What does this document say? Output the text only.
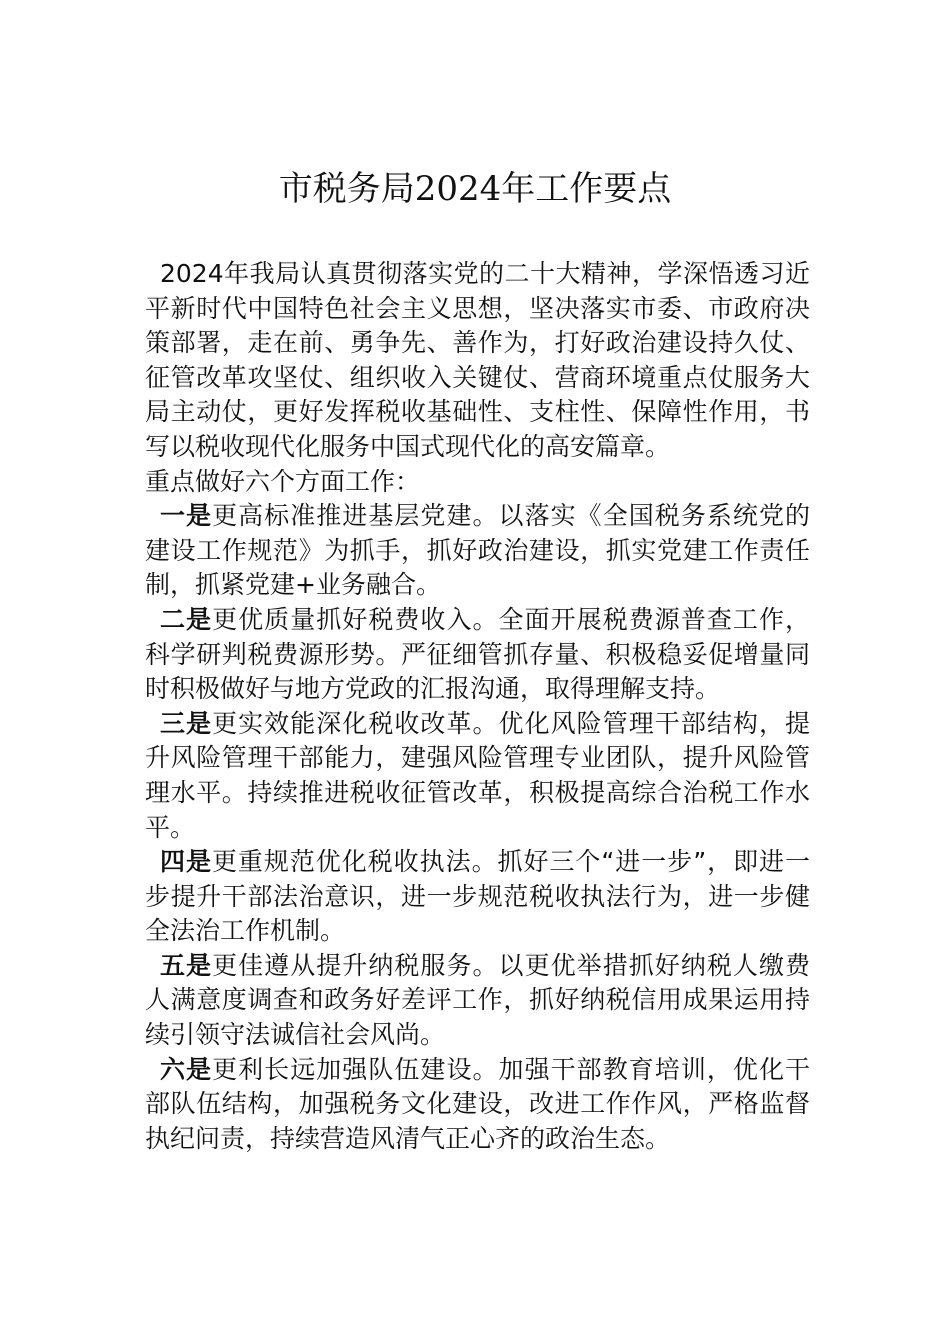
市税务局2024年工作要点

2024年我局认真贯彻落实党的二十大精神，学深悟透习近平新时代中国特色社会主义思想，坚决落实市委、市政府决策部署，走在前、勇争先、善作为，打好政治建设持久仗、征管改革攻坚仗、组织收入关键仗、营商环境重点仗服务大局主动仗，更好发挥税收基础性、支柱性、保障性作用，书写以税收现代化服务中国式现代化的高安篇章。

重点做好六个方面工作：

一是更高标准推进基层党建。以落实《全国税务系统党的建设工作规范》为抓手，抓好政治建设，抓实党建工作责任制，抓紧党建+业务融合。

二是更优质量抓好税费收入。全面开展税费源普查工作，科学研判税费源形势。严征细管抓存量、积极稳妥促增量同时积极做好与地方党政的汇报沟通，取得理解支持。

三是更实效能深化税收改革。优化风险管理干部结构，提升风险管理干部能力，建强风险管理专业团队，提升风险管理水平。持续推进税收征管改革，积极提高综合治税工作水平。

四是更重规范优化税收执法。抓好三个“进一步”，即进一步提升干部法治意识，进一步规范税收执法行为，进一步健全法治工作机制。

五是更佳遵从提升纳税服务。以更优举措抓好纳税人缴费人满意度调查和政务好差评工作，抓好纳税信用成果运用持续引领守法诚信社会风尚。

六是更利长远加强队伍建设。加强干部教育培训，优化干部队伍结构，加强税务文化建设，改进工作作风，严格监督执纪问责，持续营造风清气正心齐的政治生态。
